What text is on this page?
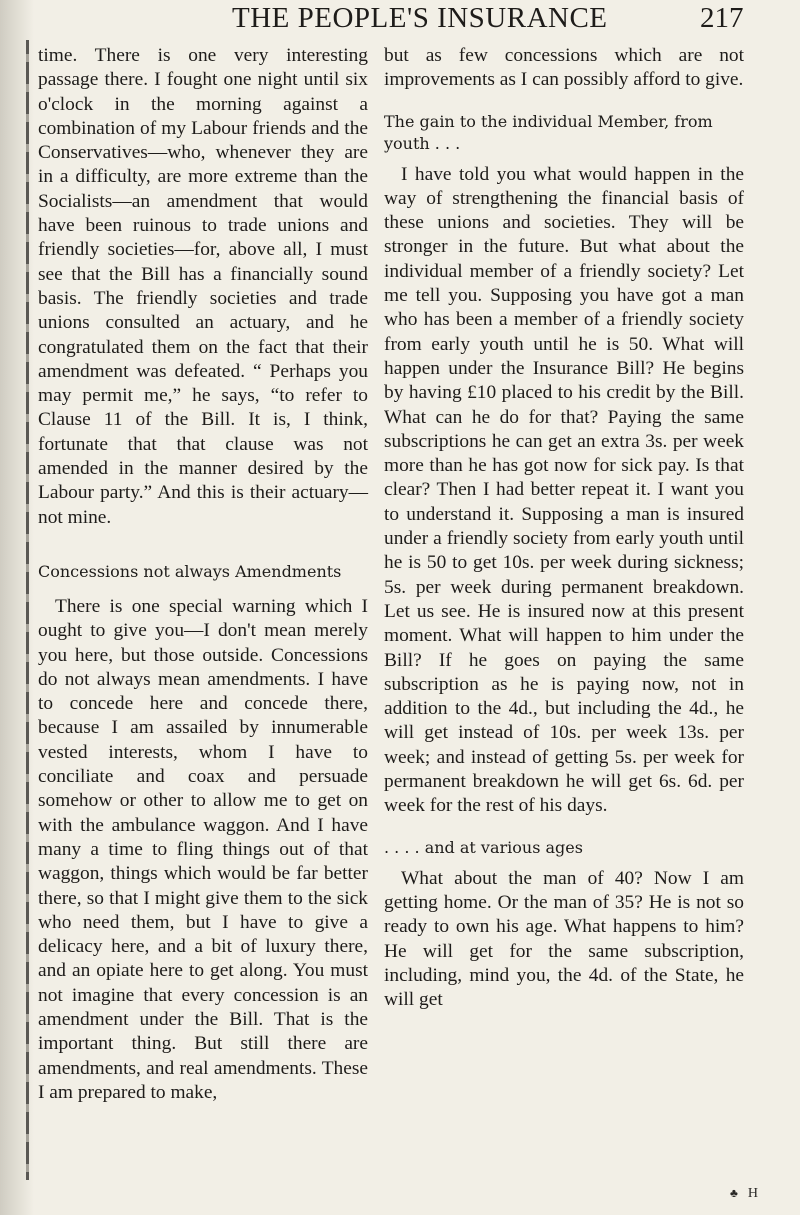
THE PEOPLE'S INSURANCE	217

time. There is one very interesting passage there. I fought one night until six o'clock in the morning against a combination of my Labour friends and the Conservatives—who, whenever they are in a difficulty, are more extreme than the Socialists—an amendment that would have been ruinous to trade unions and friendly societies—for, above all, I must see that the Bill has a financially sound basis. The friendly societies and trade unions consulted an actuary, and he congratulated them on the fact that their amendment was defeated. “ Perhaps you may permit me,” he says, “to refer to Clause 11 of the Bill. It is, I think, fortunate that that clause was not amended in the manner desired by the Labour party.” And this is their actuary—not mine.

Concessions not always Amendments

There is one special warning which I ought to give you—I don't mean merely you here, but those outside. Concessions do not always mean amendments. I have to concede here and concede there, because I am assailed by innumerable vested interests, whom I have to conciliate and coax and persuade somehow or other to allow me to get on with the ambulance waggon. And I have many a time to fling things out of that waggon, things which would be far better there, so that I might give them to the sick who need them, but I have to give a delicacy here, and a bit of luxury there, and an opiate here to get along. You must not imagine that every concession is an amendment under the Bill. That is the important thing. But still there are amendments, and real amendments. These I am prepared to make,

but as few concessions which are not improvements as I can possibly afford to give.

The gain to the individual Member, from youth . . .

I have told you what would happen in the way of strengthening the financial basis of these unions and societies. They will be stronger in the future. But what about the individual member of a friendly society? Let me tell you. Supposing you have got a man who has been a member of a friendly society from early youth until he is 50. What will happen under the Insurance Bill? He begins by having £10 placed to his credit by the Bill. What can he do for that? Paying the same subscriptions he can get an extra 3s. per week more than he has got now for sick pay. Is that clear? Then I had better repeat it. I want you to understand it. Supposing a man is insured under a friendly society from early youth until he is 50 to get 10s. per week during sickness; 5s. per week during permanent breakdown. Let us see. He is insured now at this present moment. What will happen to him under the Bill? If he goes on paying the same subscription as he is paying now, not in addition to the 4d., but including the 4d., he will get instead of 10s. per week 13s. per week; and instead of getting 5s. per week for permanent breakdown he will get 6s. 6d. per week for the rest of his days.

. . . . and at various ages

What about the man of 40? Now I am getting home. Or the man of 35? He is not so ready to own his age. What happens to him? He will get for the same subscription, including, mind you, the 4d. of the State, he will get

♣ H
